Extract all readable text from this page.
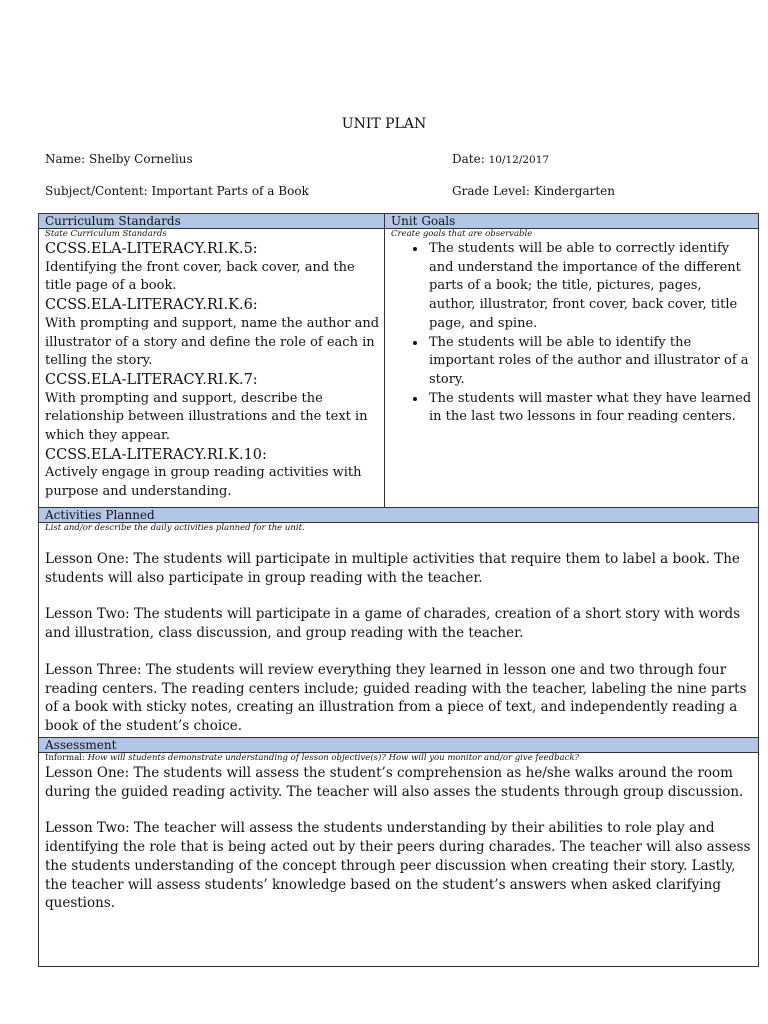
UNIT PLAN
Name: Shelby Cornelius	Date: 10/12/2017
Subject/Content: Important Parts of a Book	Grade Level: Kindergarten
Curriculum Standards
State Curriculum Standards
CCSS.ELA-LITERACY.RI.K.5:
Identifying the front cover, back cover, and the title page of a book.
CCSS.ELA-LITERACY.RI.K.6:
With prompting and support, name the author and illustrator of a story and define the role of each in telling the story.
CCSS.ELA-LITERACY.RI.K.7:
With prompting and support, describe the relationship between illustrations and the text in which they appear.
CCSS.ELA-LITERACY.RI.K.10:
Actively engage in group reading activities with purpose and understanding.
Unit Goals
Create goals that are observable
• The students will be able to correctly identify and understand the importance of the different parts of a book; the title, pictures, pages, author, illustrator, front cover, back cover, title page, and spine.
• The students will be able to identify the important roles of the author and illustrator of a story.
• The students will master what they have learned in the last two lessons in four reading centers.
Activities Planned
List and/or describe the daily activities planned for the unit.

Lesson One: The students will participate in multiple activities that require them to label a book. The students will also participate in group reading with the teacher.

Lesson Two: The students will participate in a game of charades, creation of a short story with words and illustration, class discussion, and group reading with the teacher.

Lesson Three: The students will review everything they learned in lesson one and two through four reading centers. The reading centers include; guided reading with the teacher, labeling the nine parts of a book with sticky notes, creating an illustration from a piece of text, and independently reading a book of the student’s choice.

Assessment
Informal: How will students demonstrate understanding of lesson objective(s)? How will you monitor and/or give feedback?

Lesson One: The students will assess the student’s comprehension as he/she walks around the room during the guided reading activity. The teacher will also asses the students through group discussion.

Lesson Two: The teacher will assess the students understanding by their abilities to role play and identifying the role that is being acted out by their peers during charades. The teacher will also assess the students understanding of the concept through peer discussion when creating their story. Lastly, the teacher will assess students’ knowledge based on the student’s answers when asked clarifying questions.
